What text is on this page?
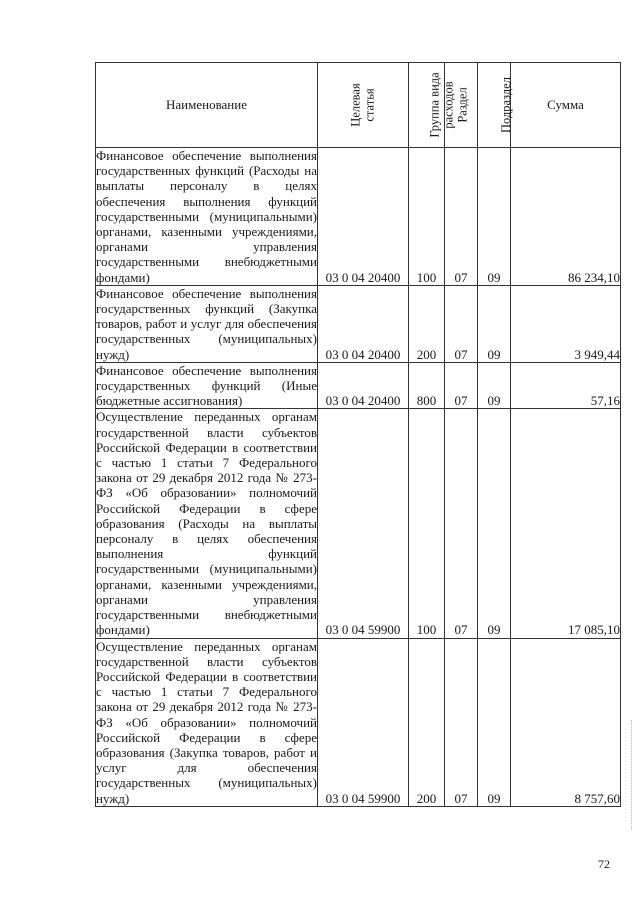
Наименование	Целевая статья	Группа вида расходов	Раздел	Подраздел	Сумма
Финансовое обеспечение выполнения государственных функций (Расходы на выплаты персоналу в целях обеспечения выполнения функций государственными (муниципальными) органами, казенными учреждениями, органами управления государственными внебюджетными фондами)	03 0 04 20400	100	07	09	86 234,10
Финансовое обеспечение выполнения государственных функций (Закупка товаров, работ и услуг для обеспечения государственных (муниципальных) нужд)	03 0 04 20400	200	07	09	3 949,44
Финансовое обеспечение выполнения государственных функций (Иные бюджетные ассигнования)	03 0 04 20400	800	07	09	57,16
Осуществление переданных органам государственной власти субъектов Российской Федерации в соответствии с частью 1 статьи 7 Федерального закона от 29 декабря 2012 года № 273-ФЗ «Об образовании» полномочий Российской Федерации в сфере образования (Расходы на выплаты персоналу в целях обеспечения выполнения функций государственными (муниципальными) органами, казенными учреждениями, органами управления государственными внебюджетными фондами)	03 0 04 59900	100	07	09	17 085,10
Осуществление переданных органам государственной власти субъектов Российской Федерации в соответствии с частью 1 статьи 7 Федерального закона от 29 декабря 2012 года № 273-ФЗ «Об образовании» полномочий Российской Федерации в сфере образования (Закупка товаров, работ и услуг для обеспечения государственных (муниципальных) нужд)	03 0 04 59900	200	07	09	8 757,60
72
